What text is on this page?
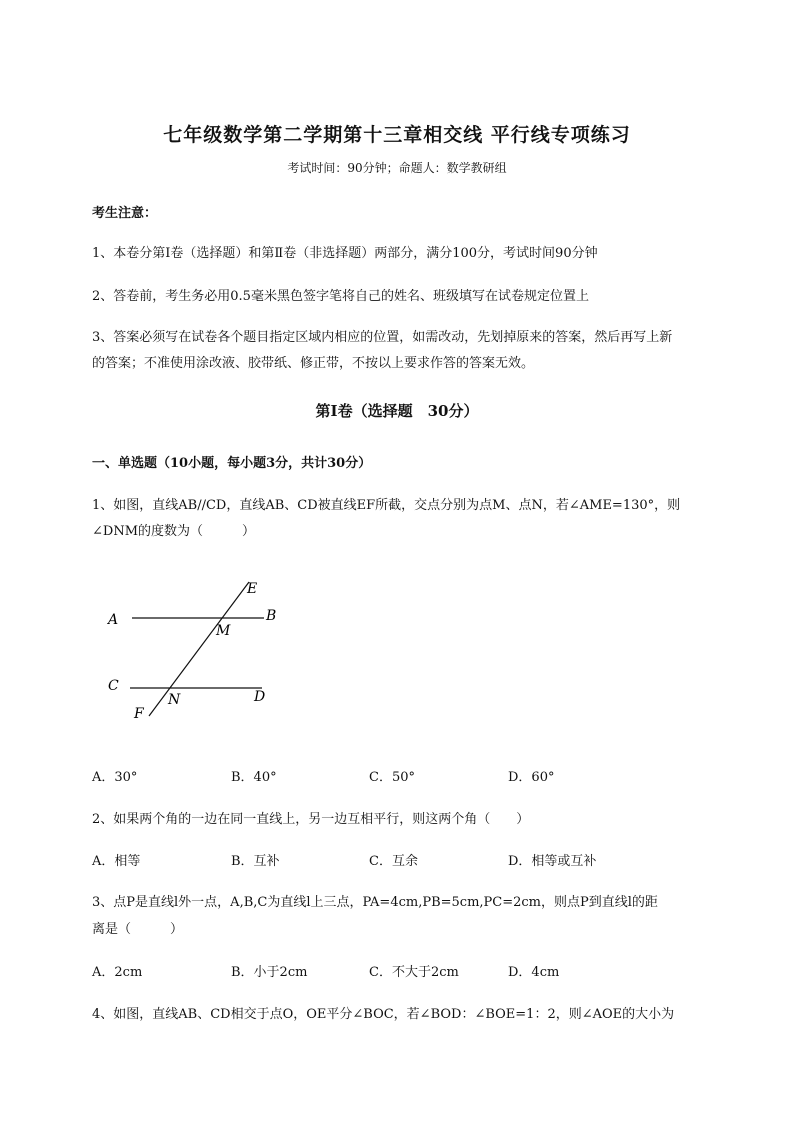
七年级数学第二学期第十三章相交线 平行线专项练习
考试时间：90分钟；命题人：数学教研组
考生注意：
1、本卷分第Ⅰ卷（选择题）和第Ⅱ卷（非选择题）两部分，满分100分，考试时间90分钟
2、答卷前，考生务必用0.5毫米黑色签字笔将自己的姓名、班级填写在试卷规定位置上
3、答案必须写在试卷各个题目指定区域内相应的位置，如需改动，先划掉原来的答案，然后再写上新
的答案；不准使用涂改液、胶带纸、修正带，不按以上要求作答的答案无效。
第Ⅰ卷（选择题　30分）
一、单选题（10小题，每小题3分，共计30分）
1、如图，直线AB//CD，直线AB、CD被直线EF所截，交点分别为点M、点N，若∠AME=130°，则
∠DNM的度数为（　　　）
A	B
C
D
E
F
M
N
A．30°	B．40°	C．50°	D．60°
2、如果两个角的一边在同一直线上，另一边互相平行，则这两个角（　　）
A．相等	B．互补	C．互余	D．相等或互补
3、点P是直线l外一点，A,B,C为直线l上三点，PA=4cm,PB=5cm,PC=2cm，则点P到直线l的距
离是（　　　）
A．2cm	B．小于2cm	C．不大于2cm	D．4cm
4、如图，直线AB、CD相交于点O，OE平分∠BOC，若∠BOD：∠BOE=1：2，则∠AOE的大小为
